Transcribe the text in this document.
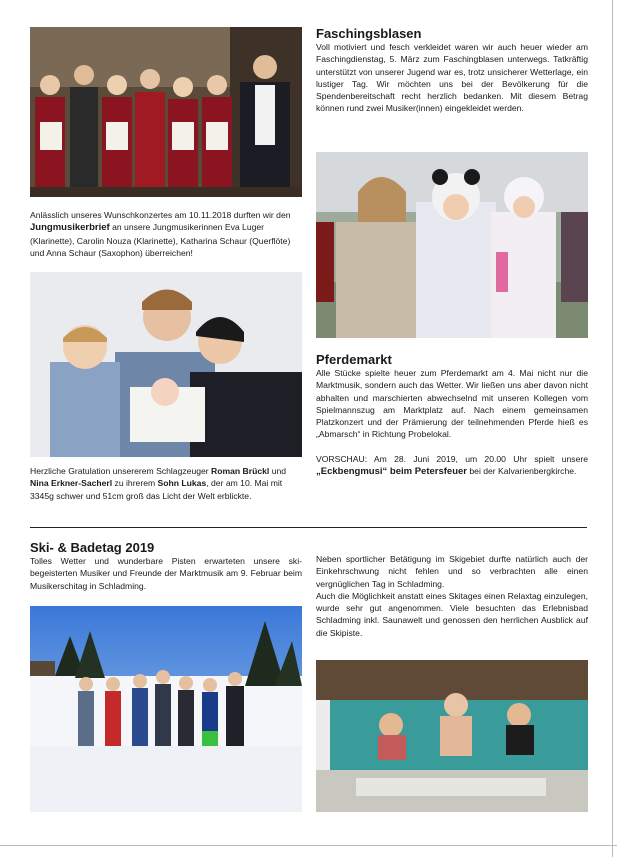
Anlässlich unseres Wunschkonzertes am 10.11.2018 durften wir den Jungmusikerbrief an unsere Jungmusikerinnen Eva Luger (Klarinette), Carolin Nouza (Klarinette), Katharina Schaur (Querflöte) und Anna Schaur (Saxophon) überreichen!
Herzliche Gratulation unsererem Schlagzeuger Roman Brückl und Nina Erkner-Sacherl zu ihrerem Sohn Lukas, der am 10. Mai mit 3345g schwer und 51cm groß das Licht der Welt erblickte.
Faschingsblasen
Voll motiviert und fesch verkleidet waren wir auch heuer wieder am Faschingdienstag, 5. März zum Faschingblasen unterwegs. Tatkräftig unterstützt von unserer Jugend war es, trotz unsicherer Wetterlage, ein lustiger Tag. Wir möchten uns bei der Bevölkerung für die Spendenbereitschaft recht herzlich bedanken. Mit diesem Betrag können rund zwei Musiker(innen) eingekleidet werden.
Pferdemarkt
Alle Stücke spielte heuer zum Pferdemarkt am 4. Mai nicht nur die Marktmusik, sondern auch das Wetter. Wir ließen uns aber davon nicht abhalten und marschierten abwechselnd mit unseren Kollegen vom Spielmannszug am Marktplatz auf. Nach einem gemeinsamen Platzkonzert und der Prämierung der teilnehmenden Pferde hieß es „Abmarsch“ in Richtung Probelokal.
VORSCHAU: Am 28. Juni 2019, um 20.00 Uhr spielt unsere „Eckbengmusi“ beim Petersfeuer bei der Kalvarienbergkirche.
Ski- & Badetag 2019
Tolles Wetter und wunderbare Pisten erwarteten unsere skibegeisterten Musiker und Freunde der Marktmusik am 9. Februar beim Musikerschitag in Schladming.
Neben sportlicher Betätigung im Skigebiet durfte natürlich auch der Einkehrschwung nicht fehlen und so verbrachten alle einen vergnüglichen Tag in Schladming.
Auch die Möglichkeit anstatt eines Skitages einen Relaxtag einzulegen, wurde sehr gut angenommen. Viele besuchten das Erlebnisbad Schladming inkl. Saunawelt und genossen den herrlichen Ausblick auf die Skipiste.
